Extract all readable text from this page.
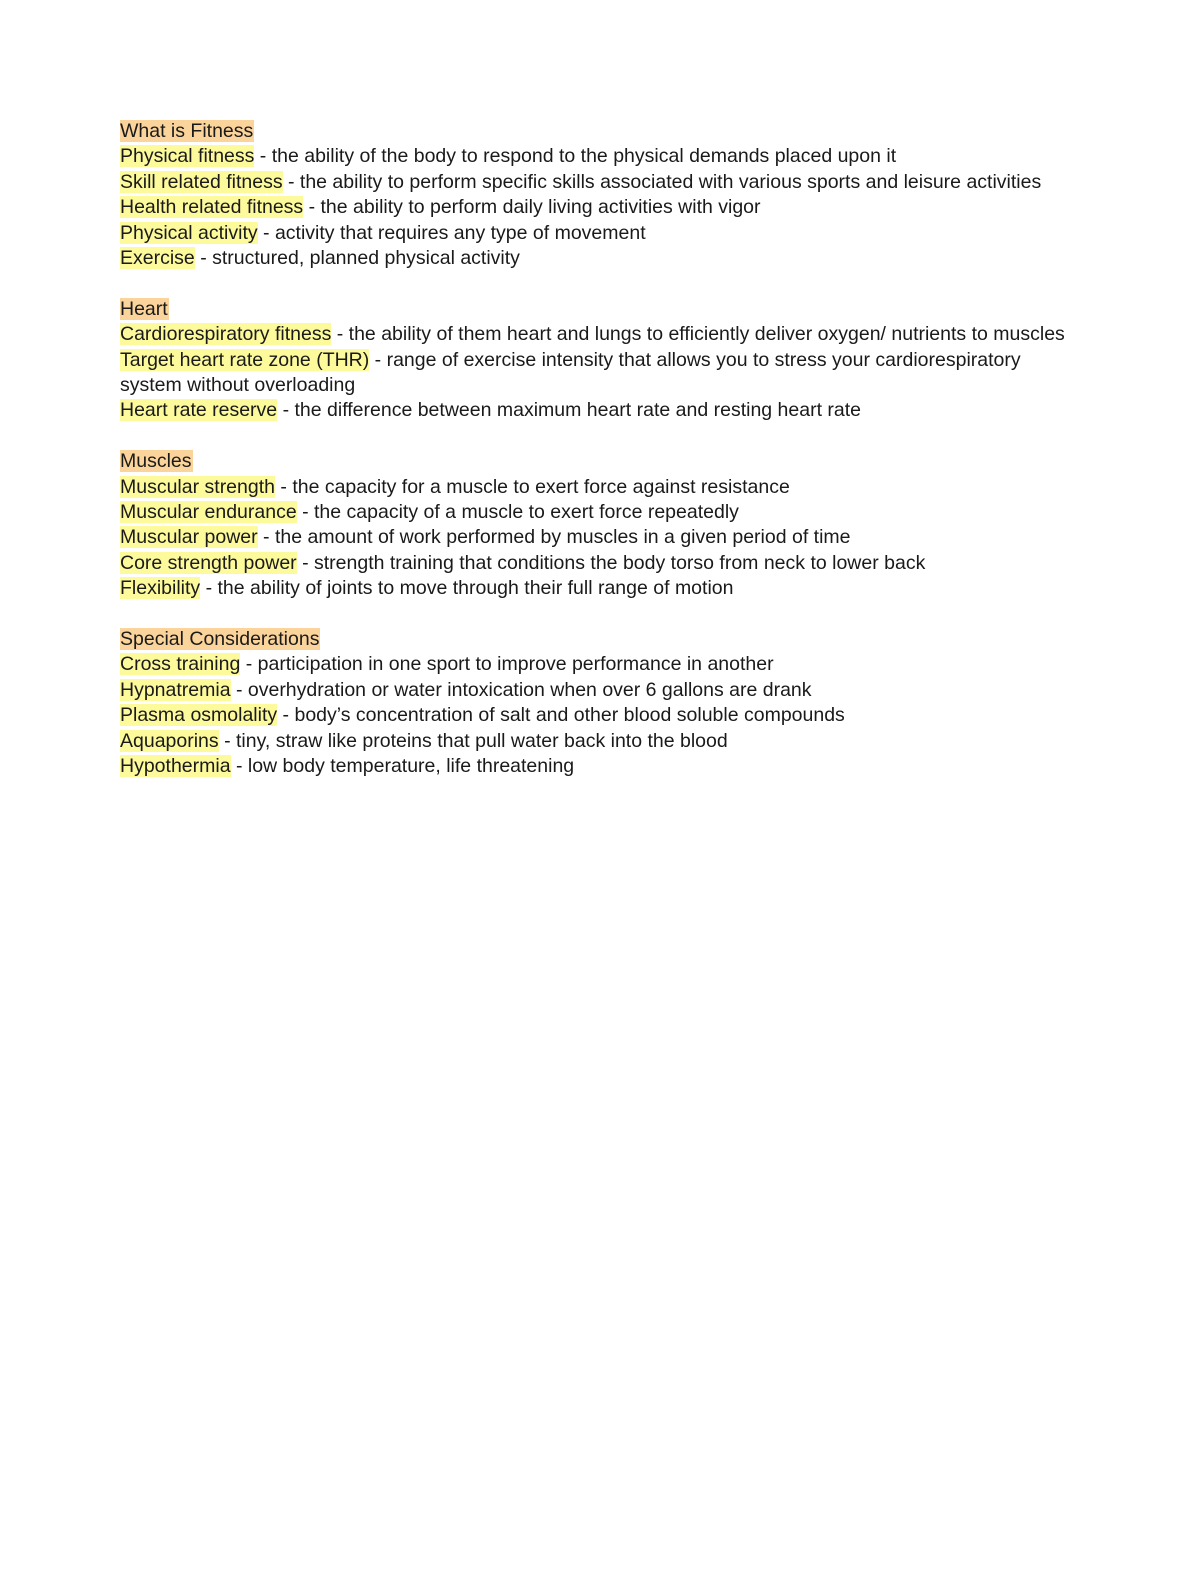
What is Fitness
Physical fitness - the ability of the body to respond to the physical demands placed upon it
Skill related fitness - the ability to perform specific skills associated with various sports and leisure activities
Health related fitness - the ability to perform daily living activities with vigor
Physical activity - activity that requires any type of movement
Exercise - structured, planned physical activity
Heart
Cardiorespiratory fitness - the ability of them heart and lungs to efficiently deliver oxygen/ nutrients to muscles
Target heart rate zone (THR) - range of exercise intensity that allows you to stress your cardiorespiratory system without overloading
Heart rate reserve - the difference between maximum heart rate and resting heart rate
Muscles
Muscular strength - the capacity for a muscle to exert force against resistance
Muscular endurance - the capacity of a muscle to exert force repeatedly
Muscular power - the amount of work performed by muscles in a given period of time
Core strength power - strength training that conditions the body torso from neck to lower back
Flexibility - the ability of joints to move through their full range of motion
Special Considerations
Cross training - participation in one sport to improve performance in another
Hypnatremia - overhydration or water intoxication when over 6 gallons are drank
Plasma osmolality - body’s concentration of salt and other blood soluble compounds
Aquaporins - tiny, straw like proteins that pull water back into the blood
Hypothermia - low body temperature, life threatening
